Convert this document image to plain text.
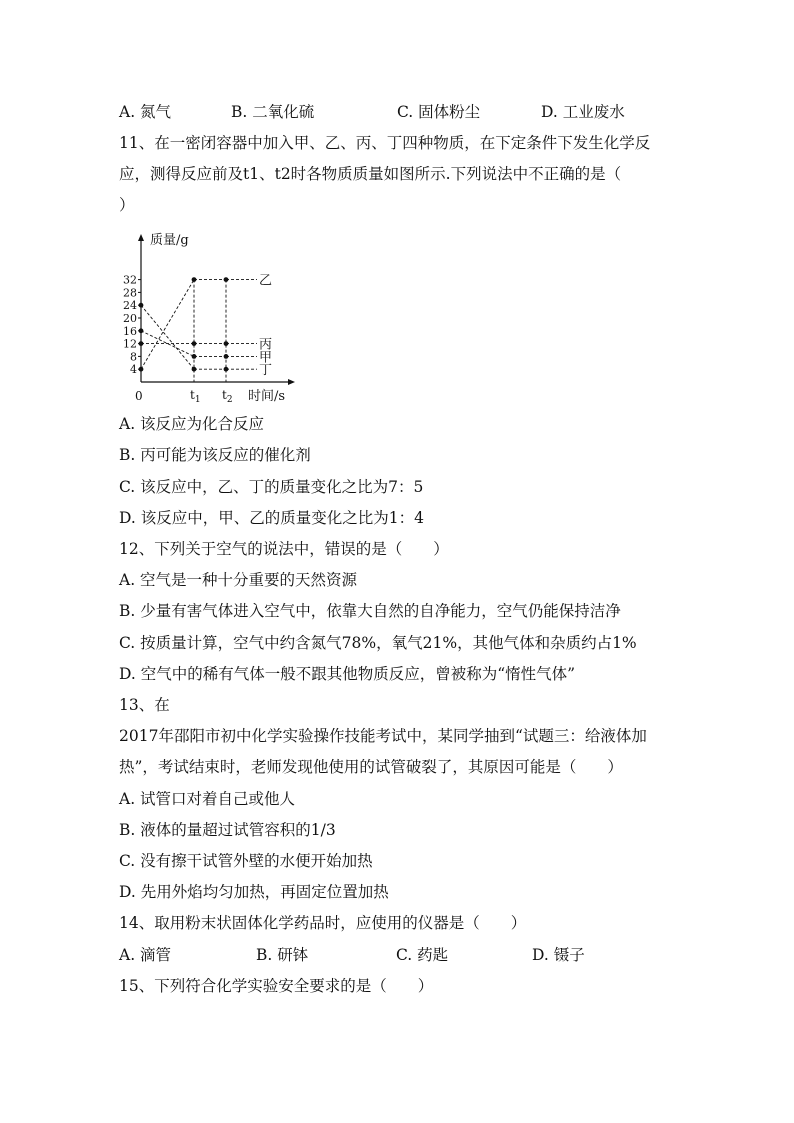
A. 氮气	B. 二氧化硫	C. 固体粉尘	D. 工业废水
11、在一密闭容器中加入甲、乙、丙、丁四种物质，在下定条件下发生化学反
应，测得反应前及t1、t2时各物质质量如图所示.下列说法中不正确的是（
）
质量/g
时间/s
0
4
8
12
16
20
24
28
32
$t_1$ $t_2$
乙
丙
甲
丁
A. 该反应为化合反应
B. 丙可能为该反应的催化剂
C. 该反应中，乙、丁的质量变化之比为7：5
D. 该反应中，甲、乙的质量变化之比为1：4
12、下列关于空气的说法中，错误的是（　　）
A. 空气是一种十分重要的天然资源
B. 少量有害气体进入空气中，依靠大自然的自净能力，空气仍能保持洁净
C. 按质量计算，空气中约含氮气78%，氧气21%，其他气体和杂质约占1%
D. 空气中的稀有气体一般不跟其他物质反应，曾被称为“惰性气体”
13、在
2017年邵阳市初中化学实验操作技能考试中，某同学抽到“试题三：给液体加
热”，考试结束时，老师发现他使用的试管破裂了，其原因可能是（　　）
A. 试管口对着自己或他人
B. 液体的量超过试管容积的1/3
C. 没有擦干试管外壁的水便开始加热
D. 先用外焰均匀加热，再固定位置加热
14、取用粉末状固体化学药品时，应使用的仪器是（　　）
A. 滴管	B. 研钵	C. 药匙	D. 镊子
15、下列符合化学实验安全要求的是（　　）
